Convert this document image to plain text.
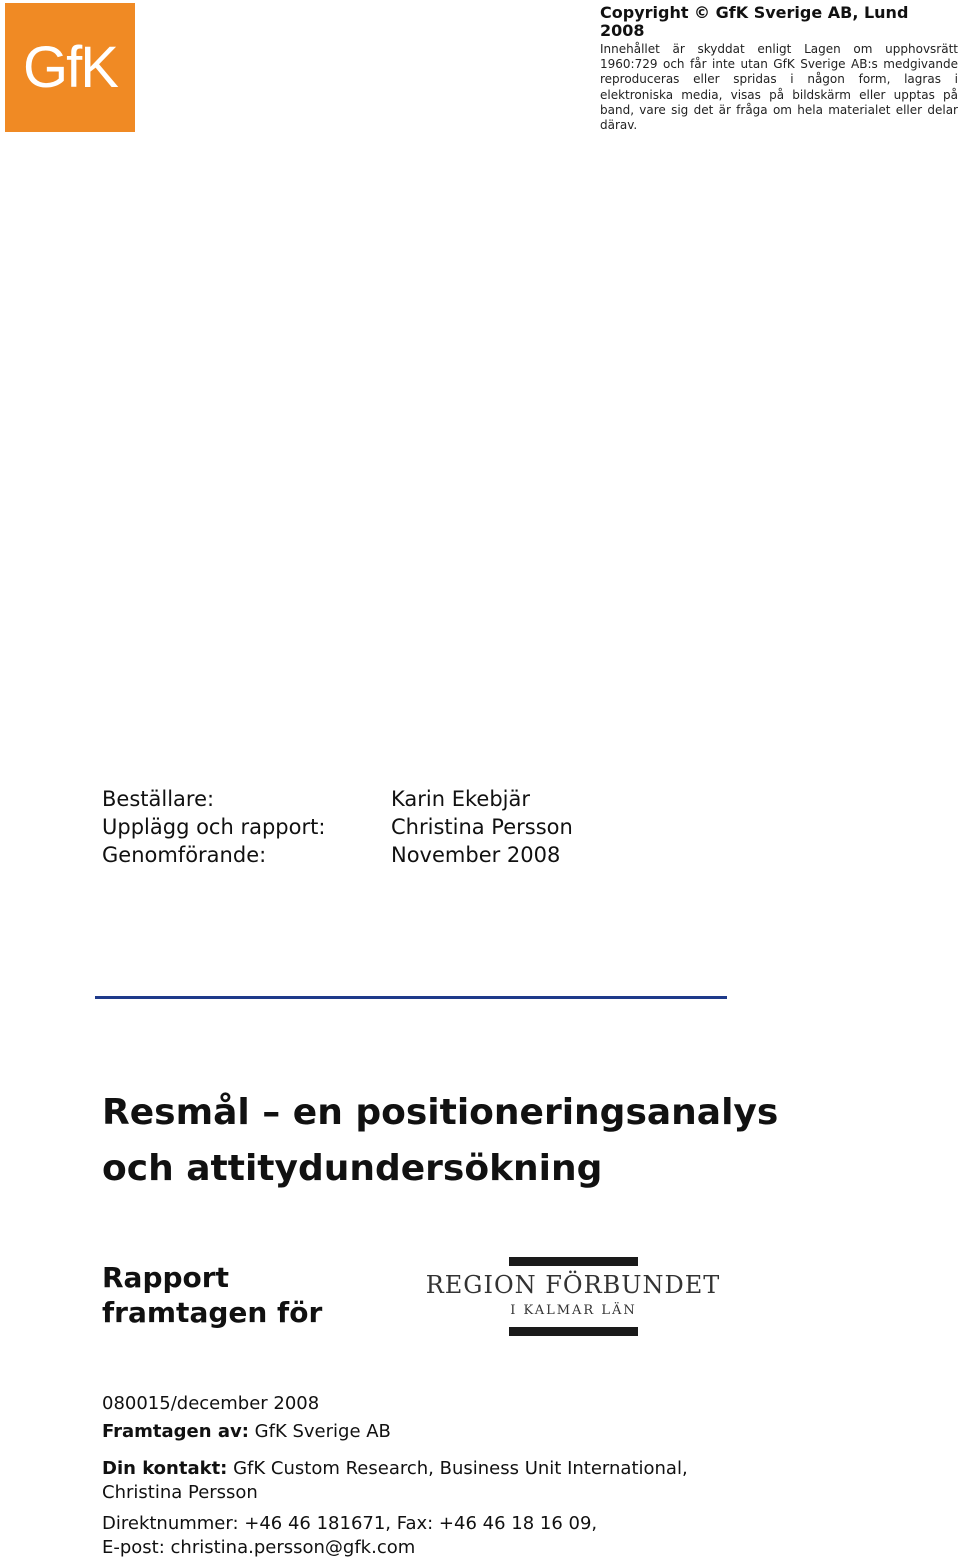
GfK

Copyright © GfK Sverige AB, Lund 2008

Innehållet är skyddat enligt Lagen om upphovsrätt 1960:729 och får inte utan GfK Sverige AB:s medgivande reproduceras eller spridas i någon form, lagras i elektroniska media, visas på bildskärm eller upptas på band, vare sig det är fråga om hela materialet eller delar därav.

Beställare:	Karin Ekebjär
Upplägg och rapport:	Christina Persson
Genomförande:	November 2008
Resmål – en positioneringsanalys
och attitydundersökning
Rapport
framtagen för
REGION FÖRBUNDET
I KALMAR LÄN

080015/december 2008

Framtagen av: GfK Sverige AB

Din kontakt: GfK Custom Research, Business Unit International,

Christina Persson

Direktnummer: +46 46 181671, Fax: +46 46 18 16 09,

E-post: christina.persson@gfk.com
